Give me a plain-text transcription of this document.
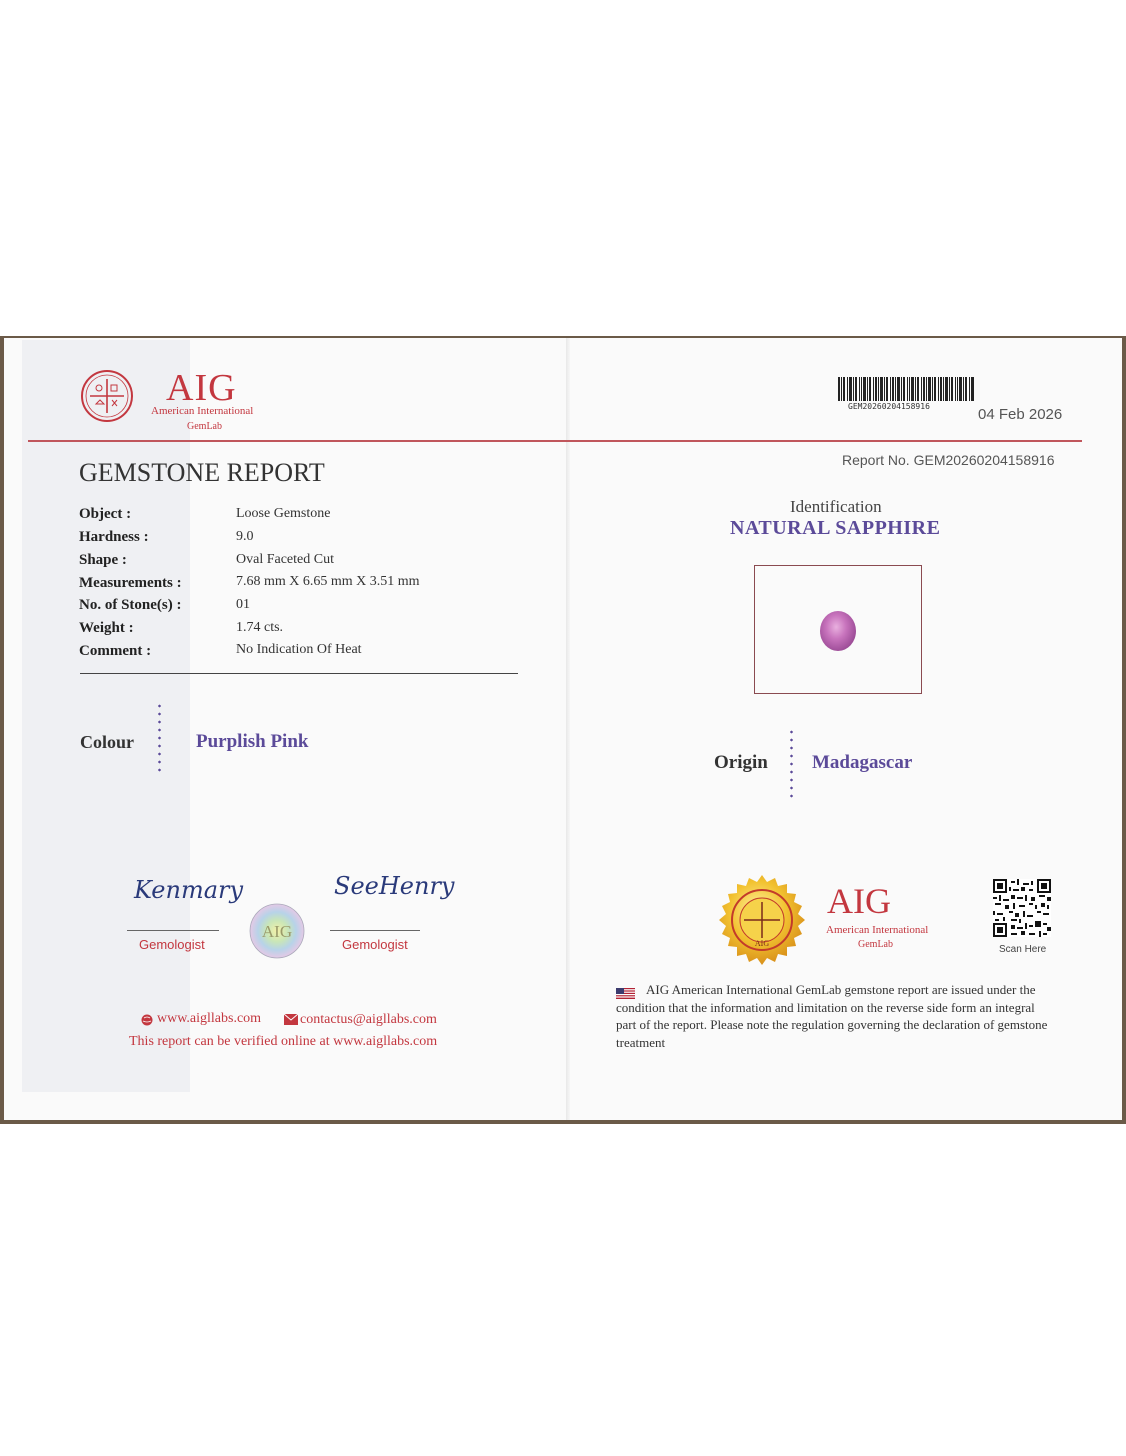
AIG
American International
GemLab
GEMSTONE REPORT
Object :	Loose Gemstone
Hardness :	9.0
Shape :	Oval Faceted Cut
Measurements :	7.68 mm X 6.65 mm X 3.51 mm
No. of Stone(s) :	01
Weight :	1.74 cts.
Comment :	No Indication Of Heat
Colour	Purplish Pink
Kenmary
Gemologist
AIG
SeeHenry
Gemologist
www.aigllabs.com	contactus@aigllabs.com
This report can be verified online at www.aigllabs.com
GEM20260204158916	04 Feb 2026
Report No. GEM20260204158916
Identification
NATURAL SAPPHIRE
Origin Madagascar
AIG
AIG
American International
GemLab	Scan Here
AIG American International GemLab gemstone report are issued under the condition that the information and limitation on the reverse side form an integral part of the report. Please note the regulation governing the declaration of gemstone treatment
